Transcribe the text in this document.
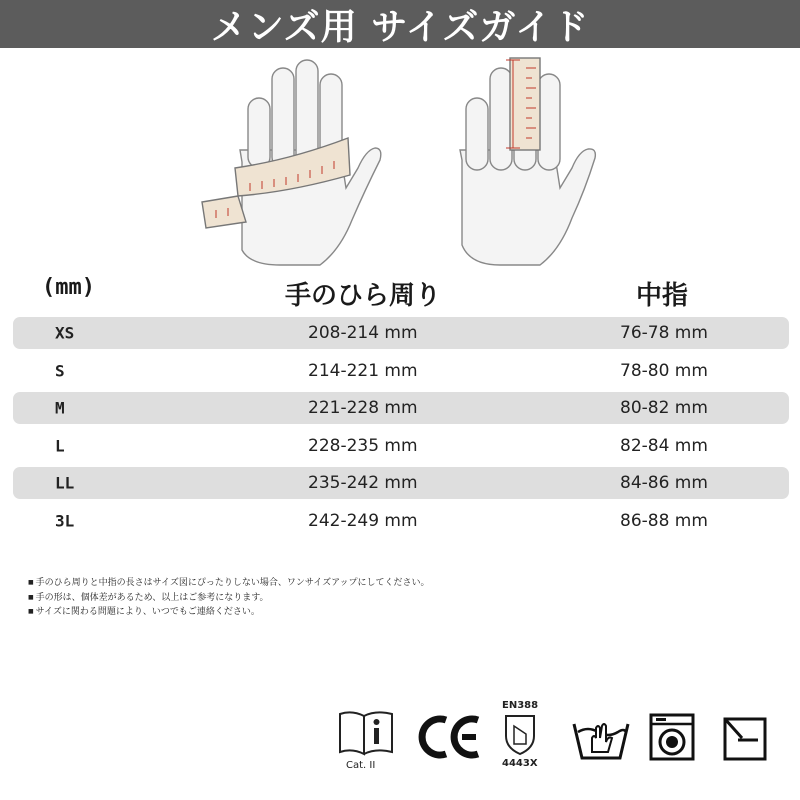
メンズ用 サイズガイド
(mm)	手のひら周り	中指
XS	208-214 mm	76-78 mm
S	214-221 mm	78-80 mm
M	221-228 mm	80-82 mm
L	228-235 mm	82-84 mm
LL	235-242 mm	84-86 mm
3L	242-249 mm	86-88 mm
■ 手のひら周りと中指の長さはサイズ図にぴったりしない場合、ワンサイズアップにしてください。
■ 手の形は、個体差があるため、以上はご参考になります。
■ サイズに関わる問題により、いつでもご連絡ください。
Cat. II
EN388
4443X
